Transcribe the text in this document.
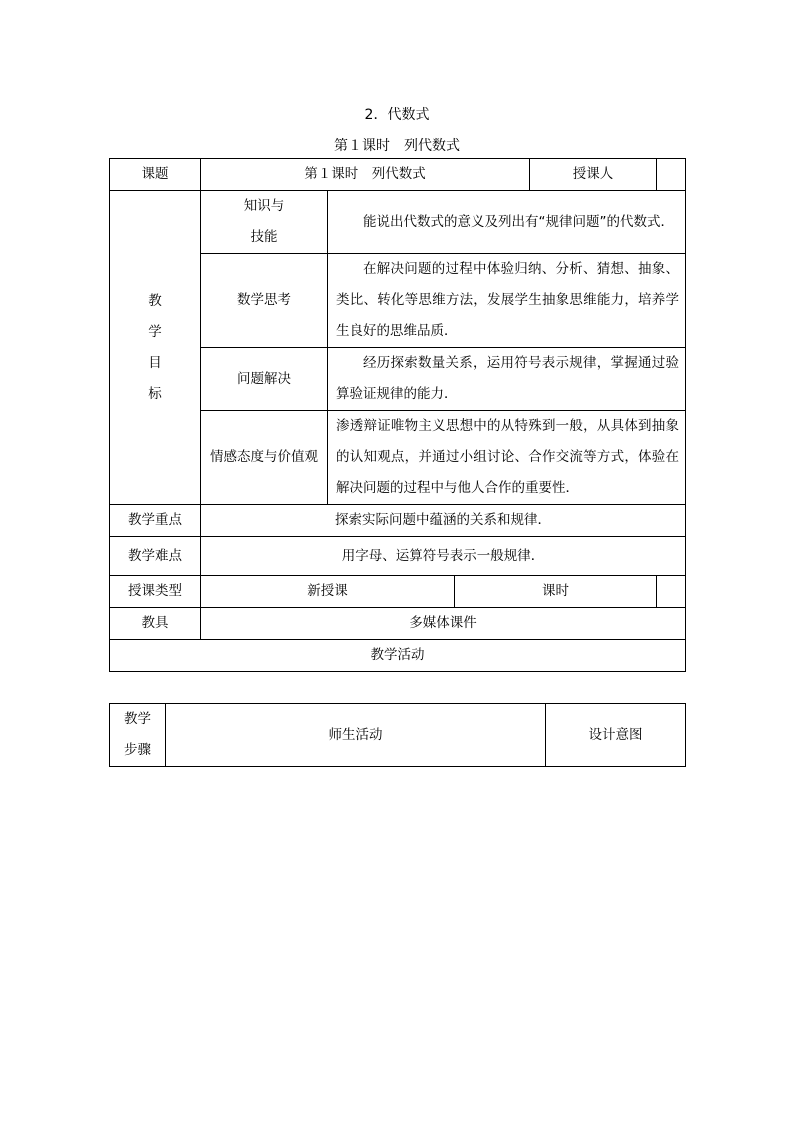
2．代数式
第１课时　列代数式
课题	第１课时　列代数式			授课人	

教
学
目
标	知识与
技能	能说出代数式的意义及列出有“规律问题”的代数式．			
	数学思考	在解决问题的过程中体验归纳、分析、猜想、抽象、类比、转化等思维方法，发展学生抽象思维能力，培养学生良好的思维品质．			
	问题解决	经历探索数量关系，运用符号表示规律，掌握通过验算验证规律的能力．			
	情感态度与价值观	渗透辩证唯物主义思想中的从特殊到一般，从具体到抽象的认知观点，并通过小组讨论、合作交流等方式，体验在解决问题的过程中与他人合作的重要性．			
教学重点	探索实际问题中蕴涵的关系和规律．				
教学难点	用字母、运算符号表示一般规律．				
授课类型	新授课		课时		
教具	多媒体课件				
教学活动					
教学
步骤
	师生活动	设计意图
